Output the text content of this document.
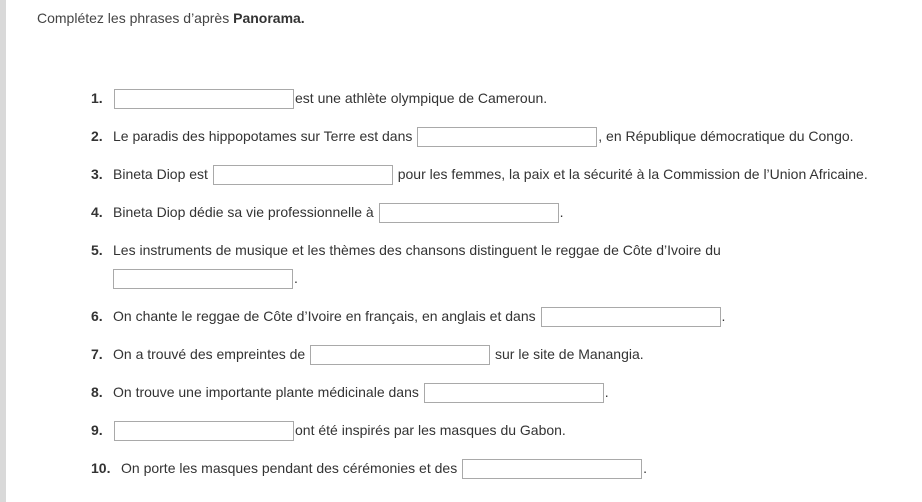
Complétez les phrases d’après Panorama.
1.	est une athlète olympique de Cameroun.
2. Le paradis des hippopotames sur Terre est dans	, en République démocratique du Congo.
3. Bineta Diop est	pour les femmes, la paix et la sécurité à la Commission de l’Union Africaine.
4. Bineta Diop dédie sa vie professionnelle à	.
5. Les instruments de musique et les thèmes des chansons distinguent le reggae de Côte d’Ivoire du
.
6. On chante le reggae de Côte d’Ivoire en français, en anglais et dans	.
7. On a trouvé des empreintes de	sur le site de Manangia.
8. On trouve une importante plante médicinale dans	.
9.	ont été inspirés par les masques du Gabon.
10. On porte les masques pendant des cérémonies et des	.
